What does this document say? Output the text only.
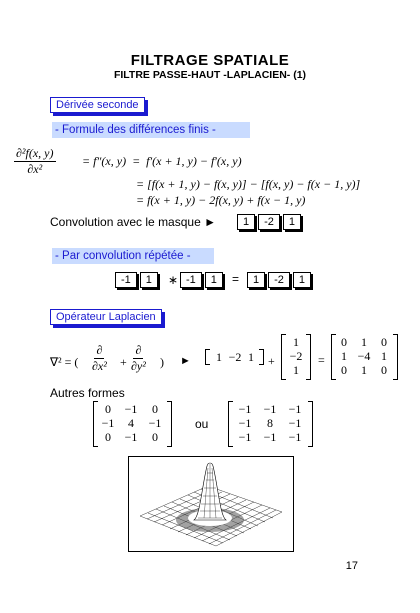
FILTRAGE SPATIALE
FILTRE PASSE-HAUT -LAPLACIEN- (1)
Dérivée seconde
- Formule des différences finis -
$\frac{\text{∂²f(x, y)}}{\text{∂x²}} = f''(x$, y)  =  f′(x + 1, y) − f′(x, y)
= [f(x + 1, y) − f(x, y)] − [f(x, y) − f(x − 1, y)]
= f(x + 1, y) − 2f(x, y) + f(x − 1, y)
Convolution avec le masque ►	1	-2	1
- Par convolution répétée -
-1	1	∗ -1	1	=	1	-2	1
Opérateur Laplacien
∇² = ( $\frac{\partial}{\text{∂x²}} + \frac{\partial}{\text{∂y²}}$ ) ►	1 −2 1	+
1
−2
1
=
0	1	0
1 −4 1
0	1	0
Autres formes
0	−1	0
−1	4	−1
0	−1	0
ou
−1	−1	−1
−1	8	−1
−1	−1	−1
17
